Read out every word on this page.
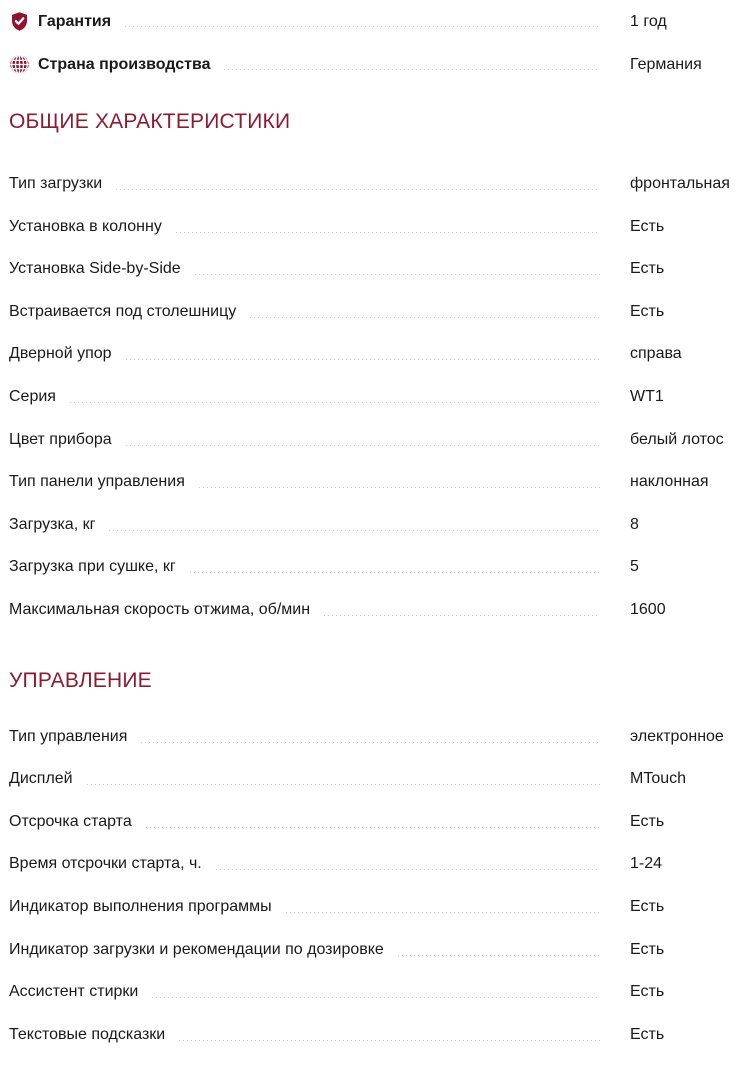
Гарантия	1 год
Страна производства	Германия
ОБЩИЕ ХАРАКТЕРИСТИКИ
Тип загрузки	фронтальная
Установка в колонну	Есть
Установка Side-by-Side	Есть
Встраивается под столешницу	Есть
Дверной упор	справа
Серия	WT1
Цвет прибора	белый лотос
Тип панели управления	наклонная
Загрузка, кг	8
Загрузка при сушке, кг	5
Максимальная скорость отжима, об/мин	1600
УПРАВЛЕНИЕ
Тип управления	электронное
Дисплей	MTouch
Отсрочка старта	Есть
Время отсрочки старта, ч.	1-24
Индикатор выполнения программы	Есть
Индикатор загрузки и рекомендации по дозировке	Есть
Ассистент стирки	Есть
Текстовые подсказки	Есть
